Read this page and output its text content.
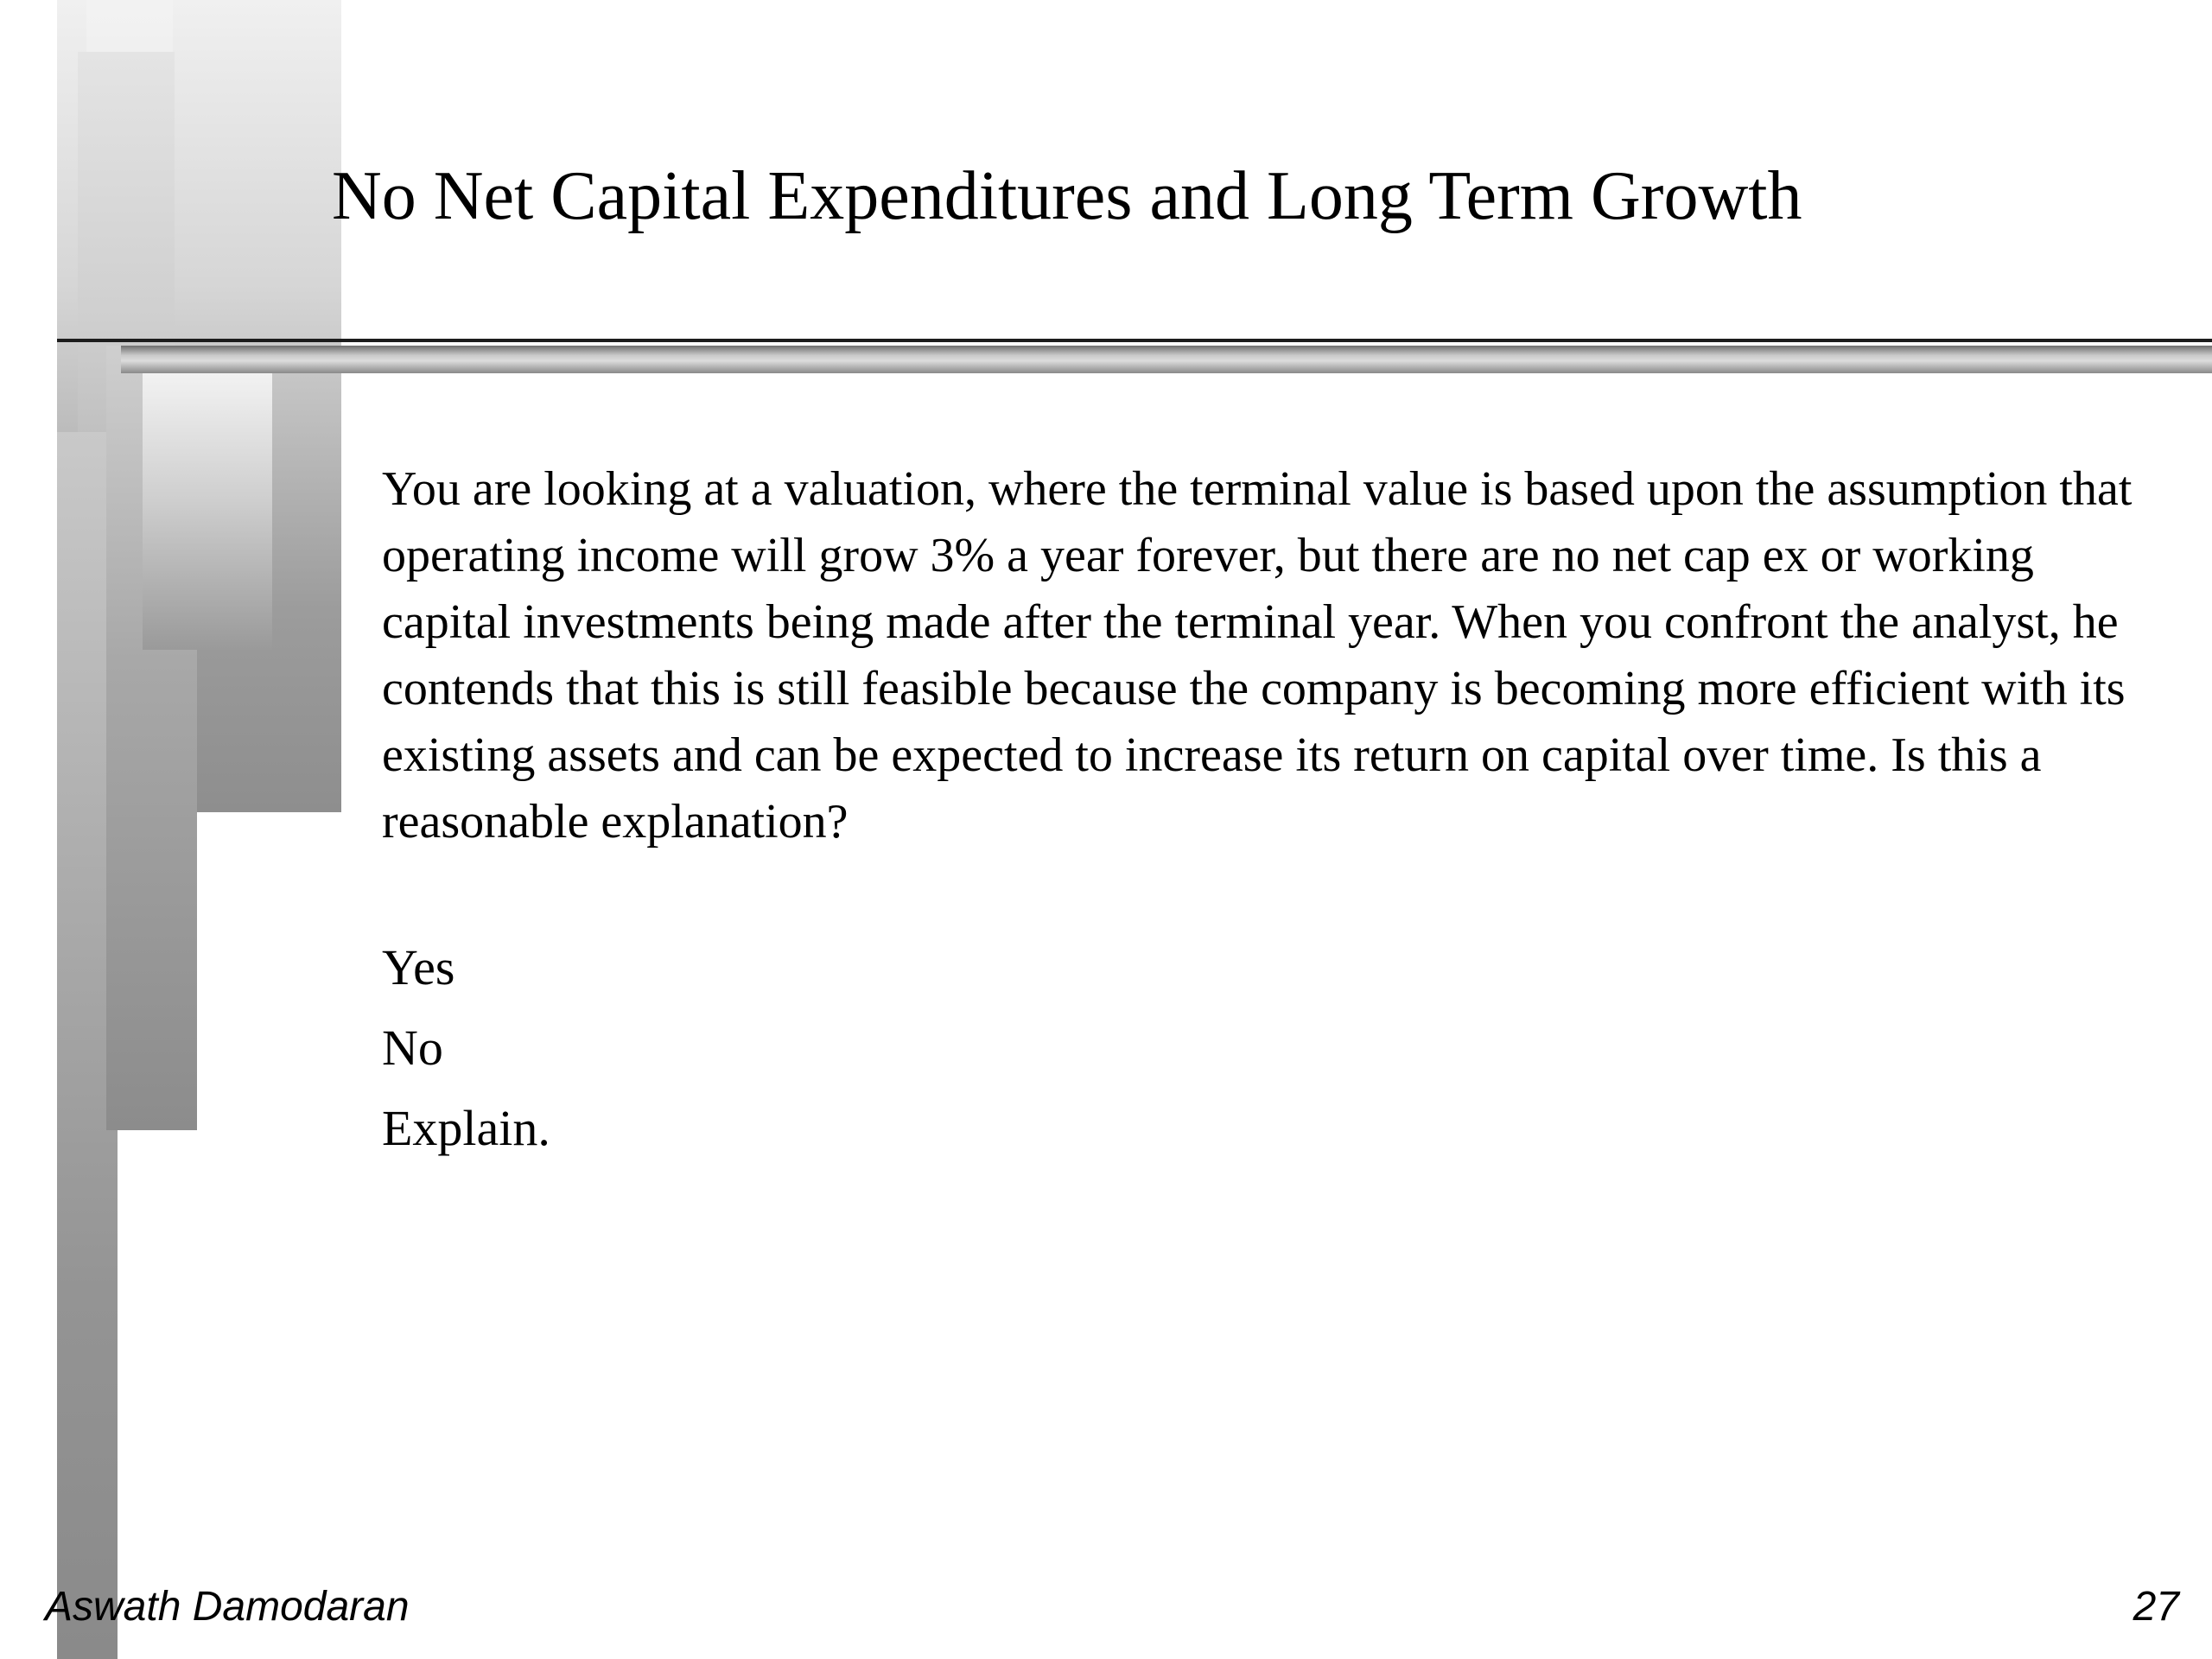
No Net Capital Expenditures and Long Term Growth

You are looking at a valuation, where the terminal value is based upon the assumption that operating income will grow 3% a year forever, but there are no net cap ex or working capital investments being made after the terminal year. When you confront the analyst, he contends that this is still feasible because the company is becoming more efficient with its existing assets and can be expected to increase its return on capital over time. Is this a reasonable explanation?

Yes
No
Explain.
Aswath Damodaran	27
